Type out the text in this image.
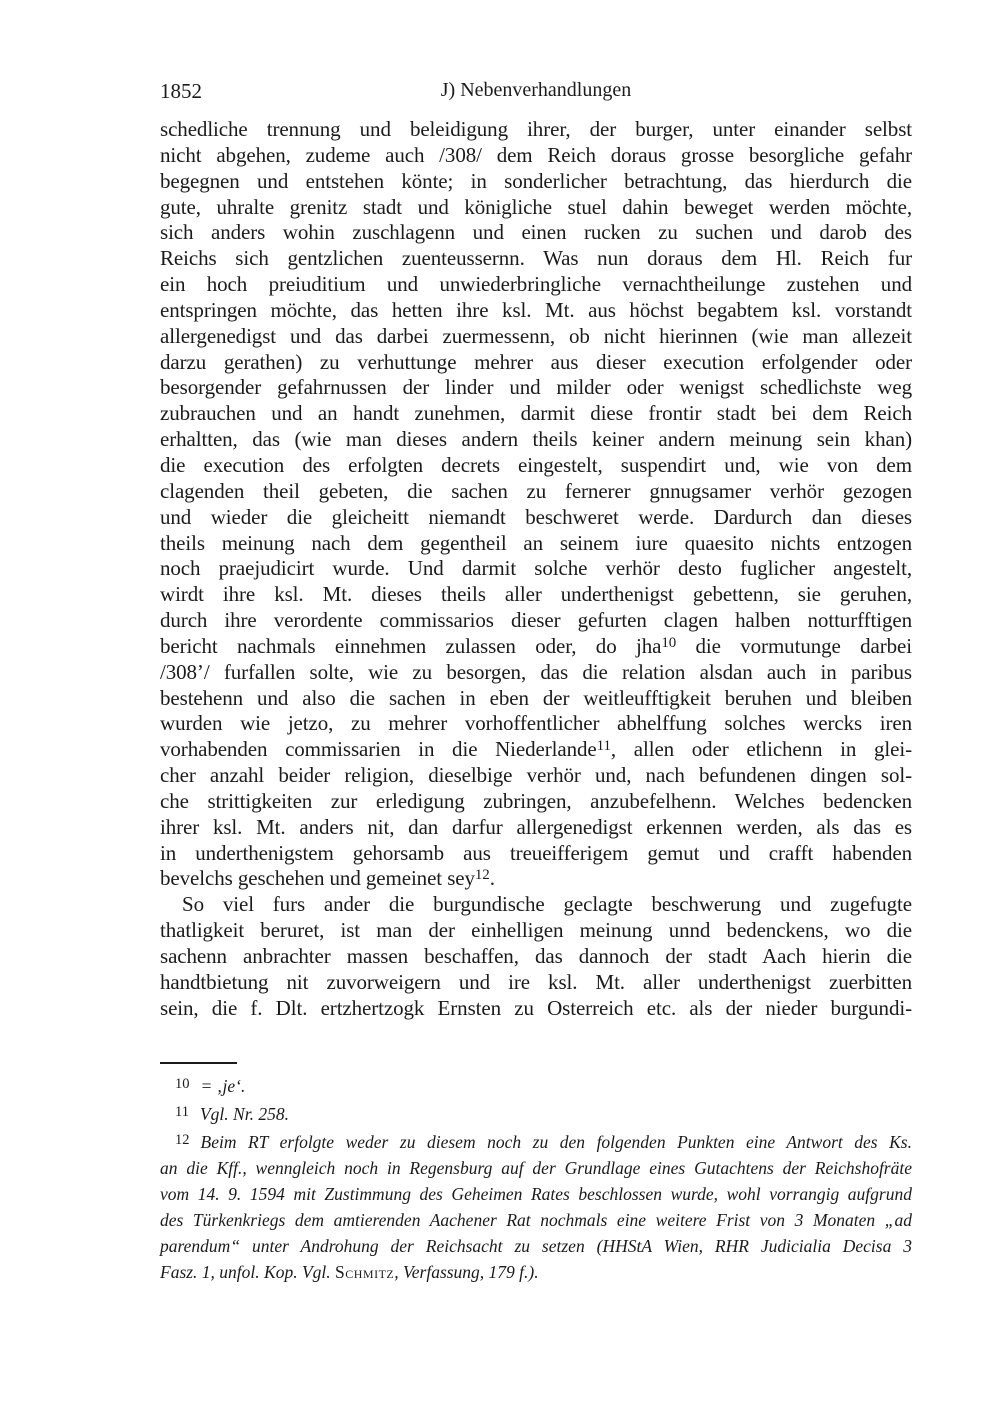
1852	J) Nebenverhandlungen
schedliche trennung und beleidigung ihrer, der burger, unter einander selbst
nicht abgehen, zudeme auch /308/ dem Reich doraus grosse besorgliche gefahr
begegnen und entstehen könte; in sonderlicher betrachtung, das hierdurch die
gute, uhralte grenitz stadt und königliche stuel dahin beweget werden möchte,
sich anders wohin zuschlagenn und einen rucken zu suchen und darob des
Reichs sich gentzlichen zuenteussernn. Was nun doraus dem Hl. Reich fur
ein hoch preiuditium und unwiederbringliche vernachtheilunge zustehen und
entspringen möchte, das hetten ihre ksl. Mt. aus höchst begabtem ksl. vorstandt
allergenedigst und das darbei zuermessenn, ob nicht hierinnen (wie man allezeit
darzu gerathen) zu verhuttunge mehrer aus dieser execution erfolgender oder
besorgender gefahrnussen der linder und milder oder wenigst schedlichste weg
zubrauchen und an handt zunehmen, darmit diese frontir stadt bei dem Reich
erhaltten, das (wie man dieses andern theils keiner andern meinung sein khan)
die execution des erfolgten decrets eingestelt, suspendirt und, wie von dem
clagenden theil gebeten, die sachen zu fernerer gnnugsamer verhör gezogen
und wieder die gleicheitt niemandt beschweret werde. Dardurch dan dieses
theils meinung nach dem gegentheil an seinem iure quaesito nichts entzogen
noch praejudicirt wurde. Und darmit solche verhör desto fuglicher angestelt,
wirdt ihre ksl. Mt. dieses theils aller underthenigst gebettenn, sie geruhen,
durch ihre verordente commissarios dieser gefurten clagen halben notturfftigen
bericht nachmals einnehmen zulassen oder, do jha$^{10}$ die vormutunge darbei
/308’/ furfallen solte, wie zu besorgen, das die relation alsdan auch in paribus
bestehenn und also die sachen in eben der weitleufftigkeit beruhen und bleiben
wurden wie jetzo, zu mehrer vorhoffentlicher abhelffung solches wercks iren
vorhabenden commissarien in die Niederlande$^{11}$, allen oder etlichenn in glei-
cher anzahl beider religion, dieselbige verhör und, nach befundenen dingen sol-
che strittigkeiten zur erledigung zubringen, anzubefelhenn. Welches bedencken
ihrer ksl. Mt. anders nit, dan darfur allergenedigst erkennen werden, als das es
in underthenigstem gehorsamb aus treueifferigem gemut und crafft habenden
bevelchs geschehen und gemeinet sey$^{12}$.
So viel furs ander die burgundische geclagte beschwerung und zugefugte
thatligkeit beruret, ist man der einhelligen meinung unnd bedenckens, wo die
sachenn anbrachter massen beschaffen, das dannoch der stadt Aach hierin die
handtbietung nit zuvorweigern und ire ksl. Mt. aller underthenigst zuerbitten
sein, die f. Dlt. ertzhertzogk Ernsten zu Osterreich etc. als der nieder burgundi-
$^{10}$ = ‚je‘.
$^{11}$ Vgl. Nr. 258.
$^{12}$ Beim RT erfolgte weder zu diesem noch zu den folgenden Punkten eine Antwort des Ks.
an die Kff., wenngleich noch in Regensburg auf der Grundlage eines Gutachtens der Reichshofräte
vom 14. 9. 1594 mit Zustimmung des Geheimen Rates beschlossen wurde, wohl vorrangig aufgrund
des Türkenkriegs dem amtierenden Aachener Rat nochmals eine weitere Frist von 3 Monaten „ad
parendum“ unter Androhung der Reichsacht zu setzen (HHStA Wien, RHR Judicialia Decisa 3
Fasz. 1, unfol. Kop. Vgl. Schmitz, Verfassung, 179 f.).
